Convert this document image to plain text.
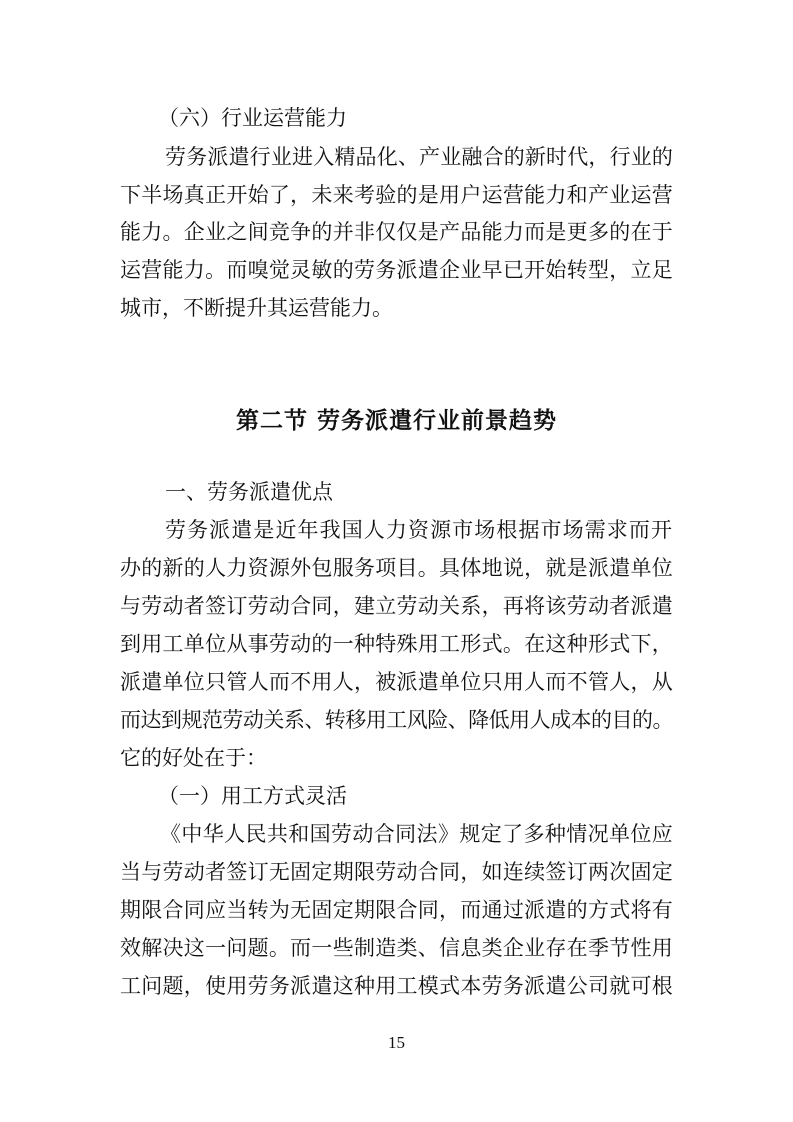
（六）行业运营能力
劳务派遣行业进入精品化、产业融合的新时代，行业的
下半场真正开始了，未来考验的是用户运营能力和产业运营
能力。企业之间竞争的并非仅仅是产品能力而是更多的在于
运营能力。而嗅觉灵敏的劳务派遣企业早已开始转型，立足
城市，不断提升其运营能力。
第二节 劳务派遣行业前景趋势
一、劳务派遣优点
劳务派遣是近年我国人力资源市场根据市场需求而开
办的新的人力资源外包服务项目。具体地说，就是派遣单位
与劳动者签订劳动合同，建立劳动关系，再将该劳动者派遣
到用工单位从事劳动的一种特殊用工形式。在这种形式下，
派遣单位只管人而不用人，被派遣单位只用人而不管人，从
而达到规范劳动关系、转移用工风险、降低用人成本的目的。
它的好处在于：
（一）用工方式灵活
《中华人民共和国劳动合同法》规定了多种情况单位应
当与劳动者签订无固定期限劳动合同，如连续签订两次固定
期限合同应当转为无固定期限合同，而通过派遣的方式将有
效解决这一问题。而一些制造类、信息类企业存在季节性用
工问题，使用劳务派遣这种用工模式本劳务派遣公司就可根
15
